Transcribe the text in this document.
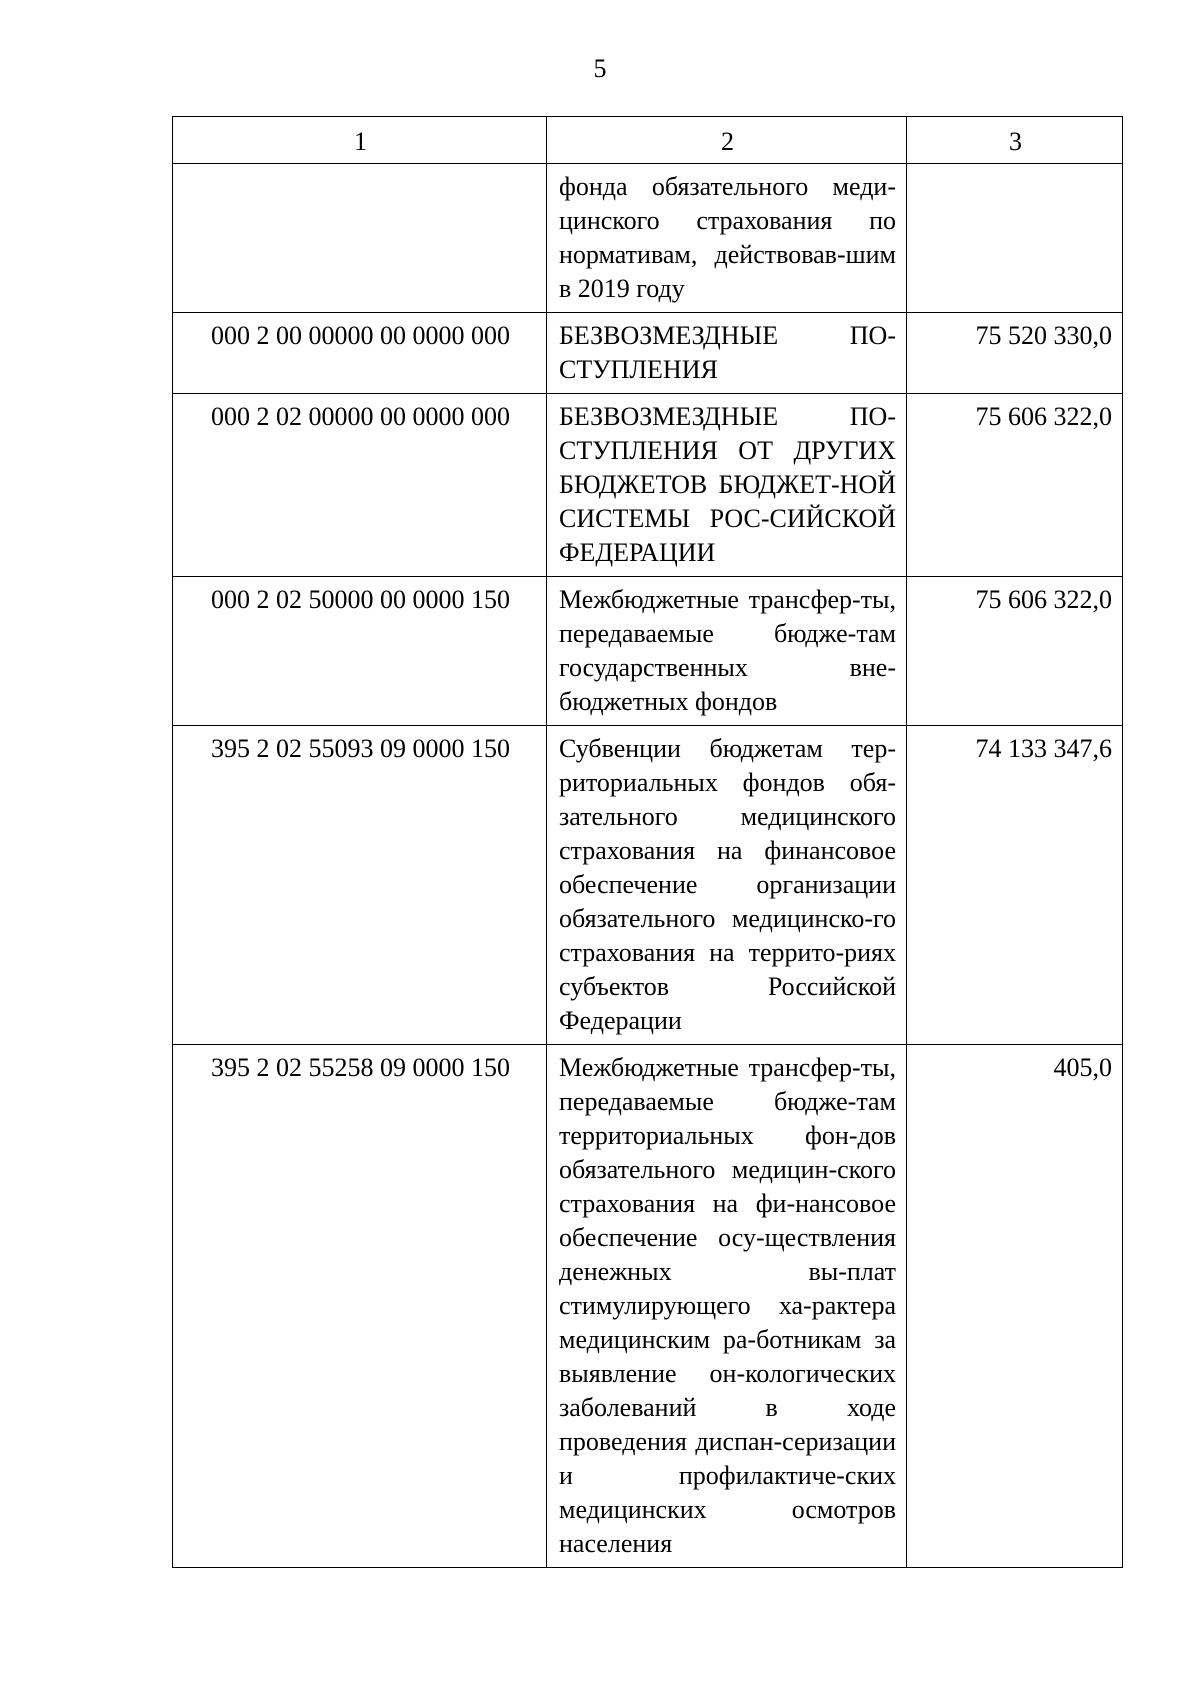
5
1	2	3
	фонда обязательного меди-цинского страхования по нормативам, действовав-шим в 2019 году	
000 2 00 00000 00 0000 000	БЕЗВОЗМЕЗДНЫЕ ПО-СТУПЛЕНИЯ	75 520 330,0
000 2 02 00000 00 0000 000	БЕЗВОЗМЕЗДНЫЕ ПО-СТУПЛЕНИЯ ОТ ДРУГИХ БЮДЖЕТОВ БЮДЖЕТ-НОЙ СИСТЕМЫ РОС-СИЙСКОЙ ФЕДЕРАЦИИ	75 606 322,0
000 2 02 50000 00 0000 150	Межбюджетные трансфер-ты, передаваемые бюдже-там государственных вне-бюджетных фондов	75 606 322,0
395 2 02 55093 09 0000 150	Субвенции бюджетам тер-риториальных фондов обя-зательного медицинского страхования на финансовое обеспечение организации обязательного медицинско-го страхования на террито-риях субъектов Российской Федерации	74 133 347,6
395 2 02 55258 09 0000 150	Межбюджетные трансфер-ты, передаваемые бюдже-там территориальных фон-дов обязательного медицин-ского страхования на фи-нансовое обеспечение осу-ществления денежных вы-плат стимулирующего ха-рактера медицинским ра-ботникам за выявление он-кологических заболеваний в ходе проведения диспан-серизации и профилактиче-ских медицинских осмотров населения	405,0
